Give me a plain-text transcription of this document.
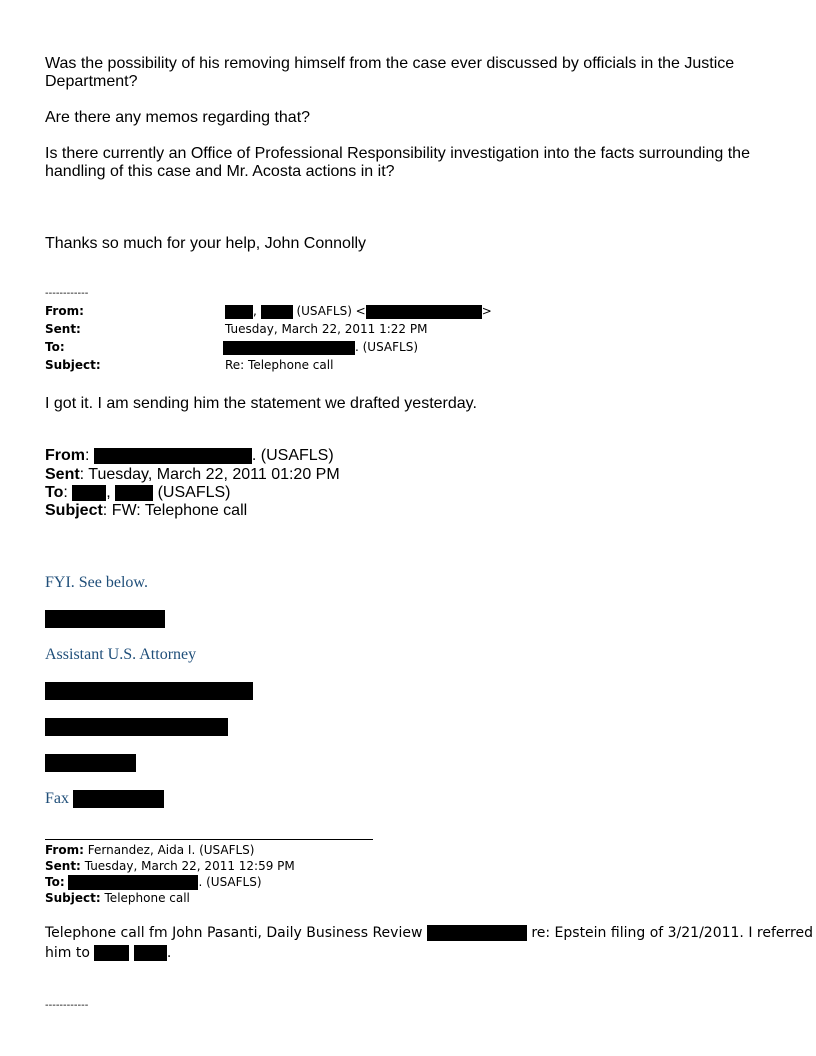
Was the possibility of his removing himself from the case ever discussed by officials in the Justice Department?
Are there any memos regarding that?
Is there currently an Office of Professional Responsibility investigation into the facts surrounding the handling of this case and Mr. Acosta actions in it?
Thanks so much for your help, John Connolly
------------
From:	,	(USAFLS) <	>
Sent:	Tuesday, March 22, 2011 1:22 PM
To:	. (USAFLS)
Subject:	Re: Telephone call
I got it. I am sending him the statement we drafted yesterday.
From:	. (USAFLS)
Sent: Tuesday, March 22, 2011 01:20 PM
To: ,	(USAFLS)
Subject: FW: Telephone call
FYI. See below.
Assistant U.S. Attorney
Fax
From: Fernandez, Aida I. (USAFLS)
Sent: Tuesday, March 22, 2011 12:59 PM
To:	. (USAFLS)
Subject: Telephone call
Telephone call fm John Pasanti, Daily Business Review	re: Epstein filing of 3/21/2011. I referred
him to	.
------------
